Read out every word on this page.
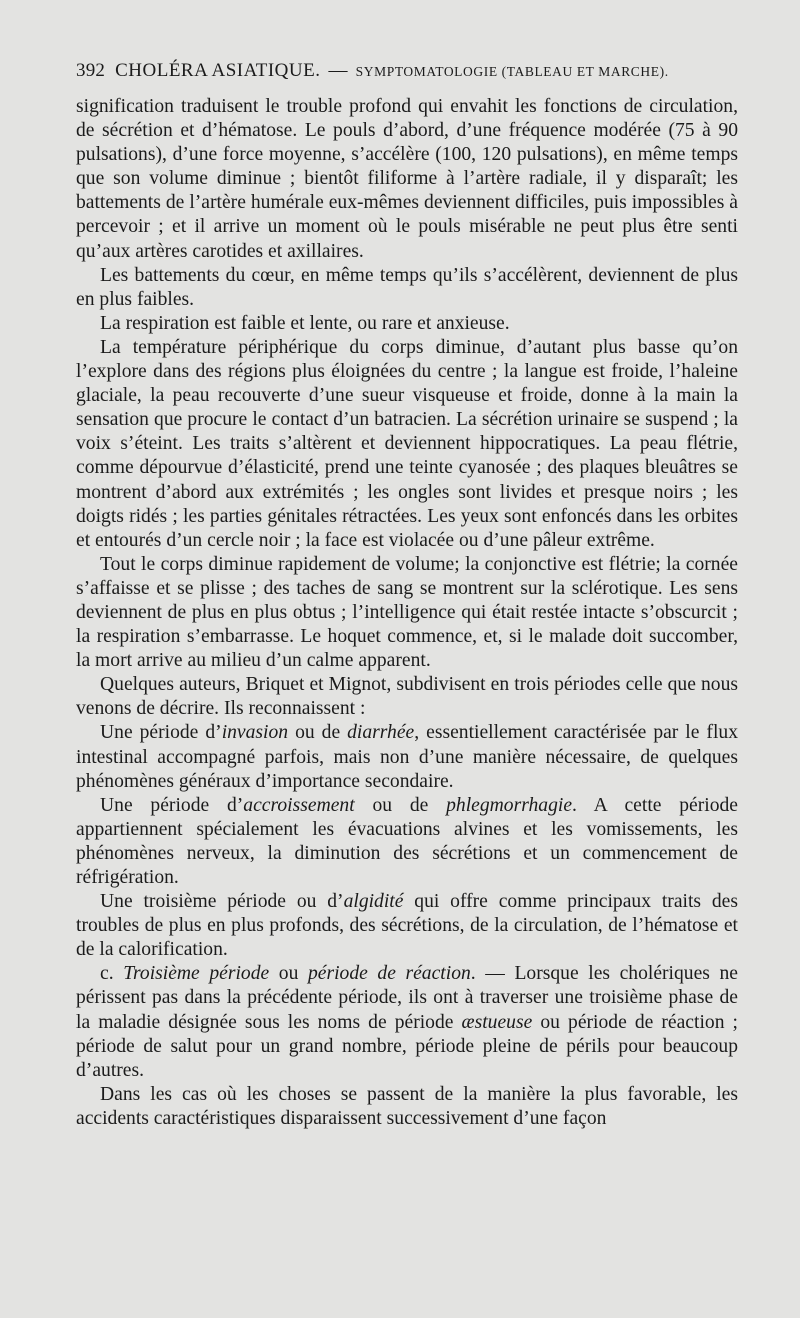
392 CHOLÉRA ASIATIQUE. — SYMPTOMATOLOGIE (TABLEAU ET MARCHE).

signification traduisent le trouble profond qui envahit les fonctions de circulation, de sécrétion et d’hématose. Le pouls d’abord, d’une fréquence modérée (75 à 90 pulsations), d’une force moyenne, s’accélère (100, 120 pulsations), en même temps que son volume diminue ; bientôt filiforme à l’artère radiale, il y disparaît; les battements de l’artère humérale eux-mêmes deviennent difficiles, puis impossibles à percevoir ; et il arrive un moment où le pouls misérable ne peut plus être senti qu’aux artères carotides et axillaires.

Les battements du cœur, en même temps qu’ils s’accélèrent, deviennent de plus en plus faibles.

La respiration est faible et lente, ou rare et anxieuse.

La température périphérique du corps diminue, d’autant plus basse qu’on l’explore dans des régions plus éloignées du centre ; la langue est froide, l’haleine glaciale, la peau recouverte d’une sueur visqueuse et froide, donne à la main la sensation que procure le contact d’un batracien. La sécrétion urinaire se suspend ; la voix s’éteint. Les traits s’altèrent et deviennent hippocratiques. La peau flétrie, comme dépourvue d’élasticité, prend une teinte cyanosée ; des plaques bleuâtres se montrent d’abord aux extrémités ; les ongles sont livides et presque noirs ; les doigts ridés ; les parties génitales rétractées. Les yeux sont enfoncés dans les orbites et entourés d’un cercle noir ; la face est violacée ou d’une pâleur extrême.

Tout le corps diminue rapidement de volume; la conjonctive est flétrie; la cornée s’affaisse et se plisse ; des taches de sang se montrent sur la sclérotique. Les sens deviennent de plus en plus obtus ; l’intelligence qui était restée intacte s’obscurcit ; la respiration s’embarrasse. Le hoquet commence, et, si le malade doit succomber, la mort arrive au milieu d’un calme apparent.

Quelques auteurs, Briquet et Mignot, subdivisent en trois périodes celle que nous venons de décrire. Ils reconnaissent :

Une période d’invasion ou de diarrhée, essentiellement caractérisée par le flux intestinal accompagné parfois, mais non d’une manière nécessaire, de quelques phénomènes généraux d’importance secondaire.

Une période d’accroissement ou de phlegmorrhagie. A cette période appartiennent spécialement les évacuations alvines et les vomissements, les phénomènes nerveux, la diminution des sécrétions et un commencement de réfrigération.

Une troisième période ou d’algidité qui offre comme principaux traits des troubles de plus en plus profonds, des sécrétions, de la circulation, de l’hématose et de la calorification.

c. Troisième période ou période de réaction. — Lorsque les cholériques ne périssent pas dans la précédente période, ils ont à traverser une troisième phase de la maladie désignée sous les noms de période æstueuse ou période de réaction ; période de salut pour un grand nombre, période pleine de périls pour beaucoup d’autres.

Dans les cas où les choses se passent de la manière la plus favorable, les accidents caractéristiques disparaissent successivement d’une façon
